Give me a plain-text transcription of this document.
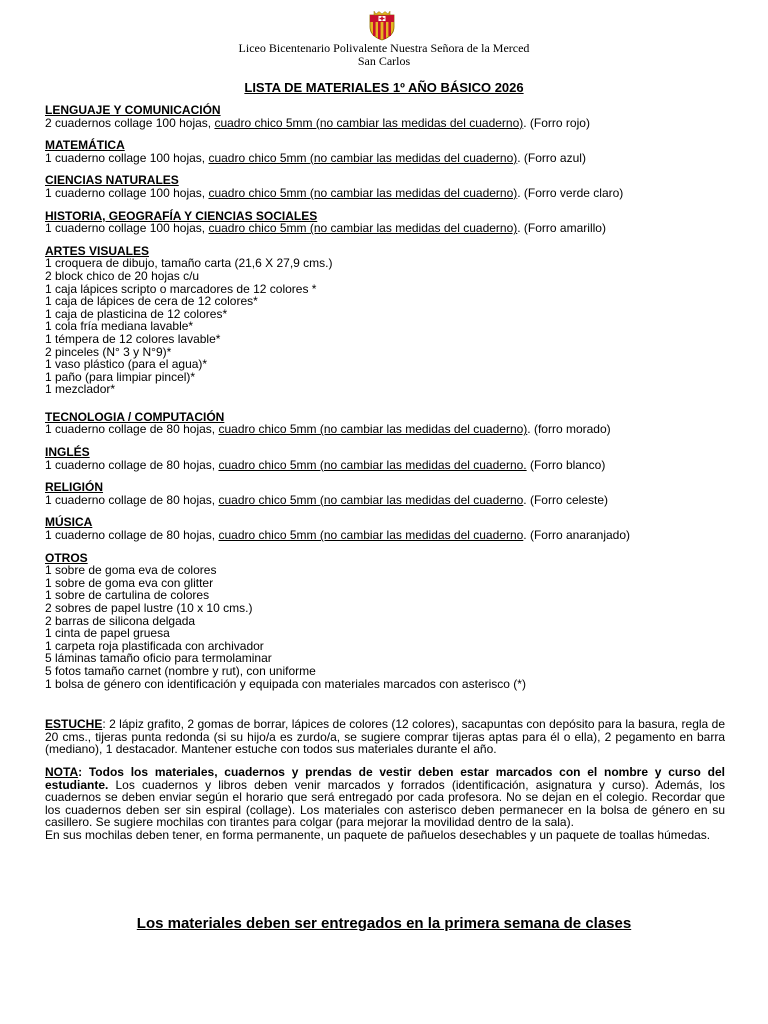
Liceo Bicentenario Polivalente Nuestra Señora de la Merced
San Carlos
LISTA DE MATERIALES 1º AÑO BÁSICO 2026
LENGUAJE Y COMUNICACIÓN
2 cuadernos collage 100 hojas, cuadro chico 5mm (no cambiar las medidas del cuaderno). (Forro rojo)
MATEMÁTICA
1 cuaderno collage 100 hojas, cuadro chico 5mm (no cambiar las medidas del cuaderno). (Forro azul)
CIENCIAS NATURALES
1 cuaderno collage 100 hojas, cuadro chico 5mm (no cambiar las medidas del cuaderno). (Forro verde claro)
HISTORIA, GEOGRAFÍA Y CIENCIAS SOCIALES
1 cuaderno collage 100 hojas, cuadro chico 5mm (no cambiar las medidas del cuaderno). (Forro amarillo)
ARTES VISUALES
1 croquera de dibujo, tamaño carta (21,6 X 27,9 cms.)
2 block chico de 20 hojas c/u
1 caja lápices scripto o marcadores de 12 colores *
1 caja de lápices de cera de 12 colores*
1 caja de plasticina de 12 colores*
1 cola fría mediana lavable*
1 témpera de 12 colores lavable*
2 pinceles (N° 3 y N°9)*
1 vaso plástico (para el agua)*
1 paño (para limpiar pincel)*
1 mezclador*
TECNOLOGIA / COMPUTACIÓN
1 cuaderno collage de 80 hojas, cuadro chico 5mm (no cambiar las medidas del cuaderno). (forro morado)
INGLÉS
1 cuaderno collage de 80 hojas, cuadro chico 5mm (no cambiar las medidas del cuaderno. (Forro blanco)
RELIGIÓN
1 cuaderno collage de 80 hojas, cuadro chico 5mm (no cambiar las medidas del cuaderno. (Forro celeste)
MÚSICA
1 cuaderno collage de 80 hojas, cuadro chico 5mm (no cambiar las medidas del cuaderno. (Forro anaranjado)
OTROS
1 sobre de goma eva de colores
1 sobre de goma eva con glitter
1 sobre de cartulina de colores
2 sobres de papel lustre (10 x 10 cms.)
2 barras de silicona delgada
1 cinta de papel gruesa
1 carpeta roja plastificada con archivador
5 láminas tamaño oficio para termolaminar
5 fotos tamaño carnet (nombre y rut), con uniforme
1 bolsa de género con identificación y equipada con materiales marcados con asterisco (*)

ESTUCHE: 2 lápiz grafito, 2 gomas de borrar, lápices de colores (12 colores), sacapuntas con depósito para la basura, regla de 20 cms., tijeras punta redonda (si su hijo/a es zurdo/a, se sugiere comprar tijeras aptas para él o ella), 2 pegamento en barra (mediano), 1 destacador. Mantener estuche con todos sus materiales durante el año.

NOTA: Todos los materiales, cuadernos y prendas de vestir deben estar marcados con el nombre y curso del estudiante. Los cuadernos y libros deben venir marcados y forrados (identificación, asignatura y curso). Además, los cuadernos se deben enviar según el horario que será entregado por cada profesora. No se dejan en el colegio. Recordar que los cuadernos deben ser sin espiral (collage). Los materiales con asterisco deben permanecer en la bolsa de género en su casillero. Se sugiere mochilas con tirantes para colgar (para mejorar la movilidad dentro de la sala).

En sus mochilas deben tener, en forma permanente, un paquete de pañuelos desechables y un paquete de toallas húmedas.

Los materiales deben ser entregados en la primera semana de clases
